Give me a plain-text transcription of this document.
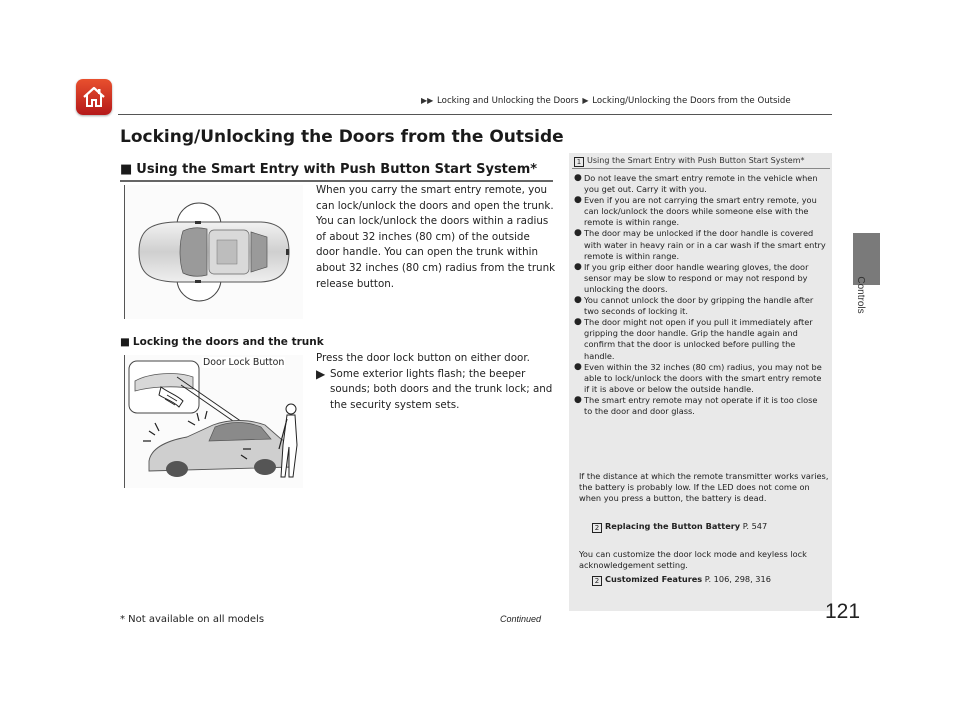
▶▶ Locking and Unlocking the Doors ▶ Locking/Unlocking the Doors from the Outside
Controls
Locking/Unlocking the Doors from the Outside
■ Using the Smart Entry with Push Button Start System*
When you carry the smart entry remote, you can lock/unlock the doors and open the trunk. You can lock/unlock the doors within a radius of about 32 inches (80 cm) of the outside door handle. You can open the trunk within about 32 inches (80 cm) radius from the trunk release button.
■ Locking the doors and the trunk
Door Lock Button	Press the door lock button on either door.
▶ Some exterior lights flash; the beeper sounds; both doors and the trunk lock; and the security system sets.
1 Using the Smart Entry with Push Button Start System*
● Do not leave the smart entry remote in the vehicle when you get out. Carry it with you.
● Even if you are not carrying the smart entry remote, you can lock/unlock the doors while someone else with the remote is within range.
● The door may be unlocked if the door handle is covered with water in heavy rain or in a car wash if the smart entry remote is within range.
● If you grip either door handle wearing gloves, the door sensor may be slow to respond or may not respond by unlocking the doors.
● You cannot unlock the door by gripping the handle after two seconds of locking it.
● The door might not open if you pull it immediately after gripping the door handle. Grip the handle again and confirm that the door is unlocked before pulling the handle.
● Even within the 32 inches (80 cm) radius, you may not be able to lock/unlock the doors with the smart entry remote if it is above or below the outside handle.
● The smart entry remote may not operate if it is too close to the door and door glass.
If the distance at which the remote transmitter works varies, the battery is probably low. If the LED does not come on when you press a button, the battery is dead.
2 Replacing the Button Battery P. 547
You can customize the door lock mode and keyless lock acknowledgement setting.
2 Customized Features P. 106, 298, 316
* Not available on all models	Continued	121
